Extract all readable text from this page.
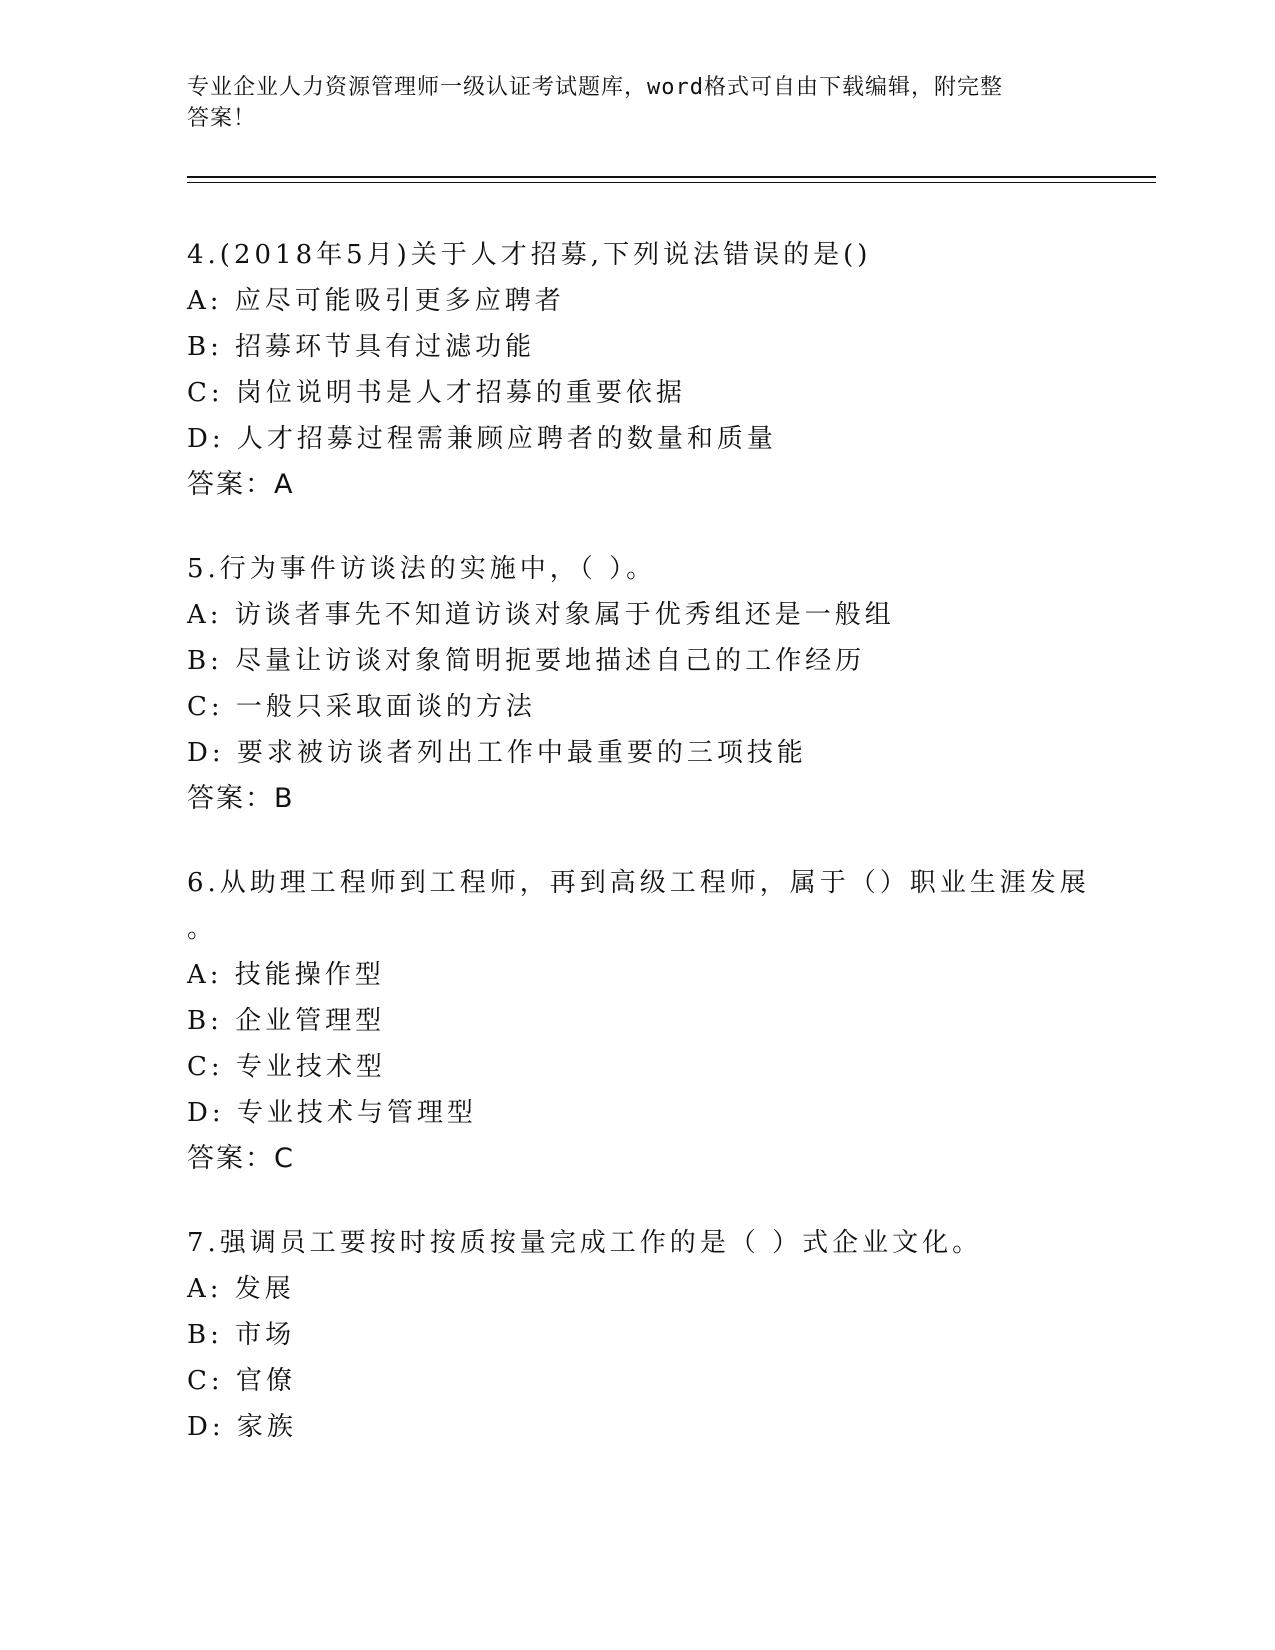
专业企业人力资源管理师一级认证考试题库，word格式可自由下载编辑，附完整
答案！
4.(2018年5月)关于人才招募,下列说法错误的是()
A: 应尽可能吸引更多应聘者
B: 招募环节具有过滤功能
C: 岗位说明书是人才招募的重要依据
D: 人才招募过程需兼顾应聘者的数量和质量
答案：A
5.行为事件访谈法的实施中，（ ）。
A: 访谈者事先不知道访谈对象属于优秀组还是一般组
B: 尽量让访谈对象简明扼要地描述自己的工作经历
C: 一般只采取面谈的方法
D: 要求被访谈者列出工作中最重要的三项技能
答案：B
6.从助理工程师到工程师，再到高级工程师，属于（）职业生涯发展
。
A: 技能操作型
B: 企业管理型
C: 专业技术型
D: 专业技术与管理型
答案：C
7.强调员工要按时按质按量完成工作的是（ ）式企业文化。
A: 发展
B: 市场
C: 官僚
D: 家族
